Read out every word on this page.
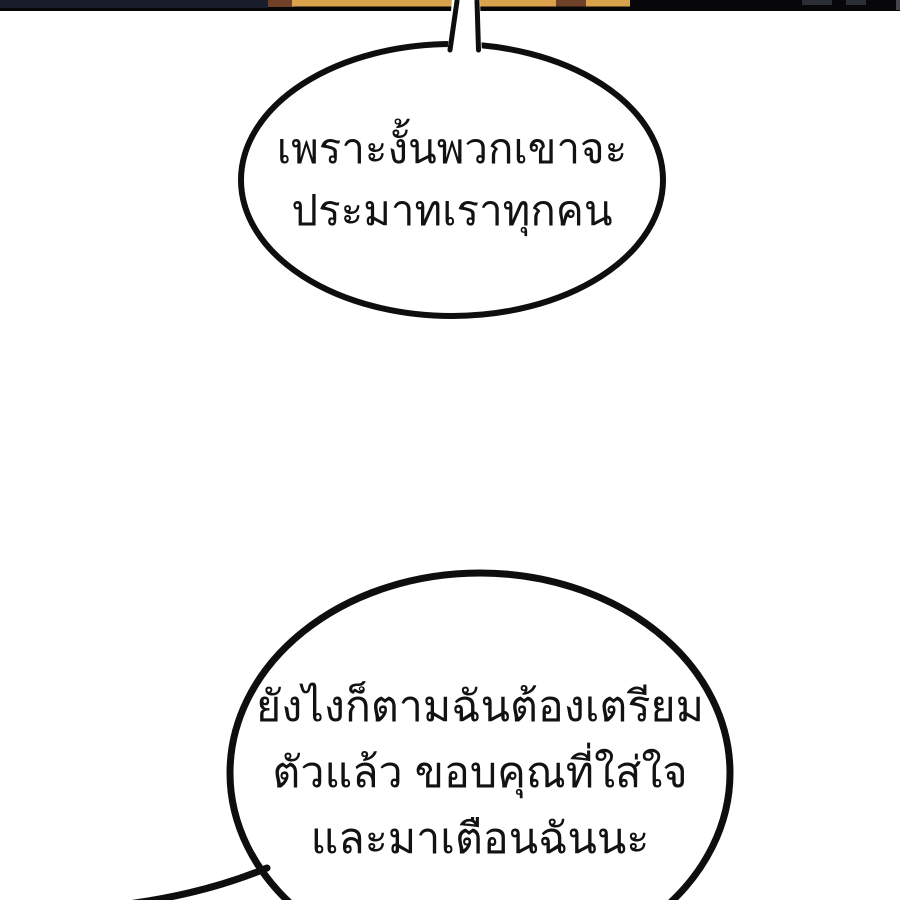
เพราะงั้นพวกเขาจะ
ประมาทเราทุกคน
ยังไงก็ตามฉันต้องเตรียม
ตัวแล้ว ขอบคุณที่ใส่ใจ
และมาเตือนฉันนะ
